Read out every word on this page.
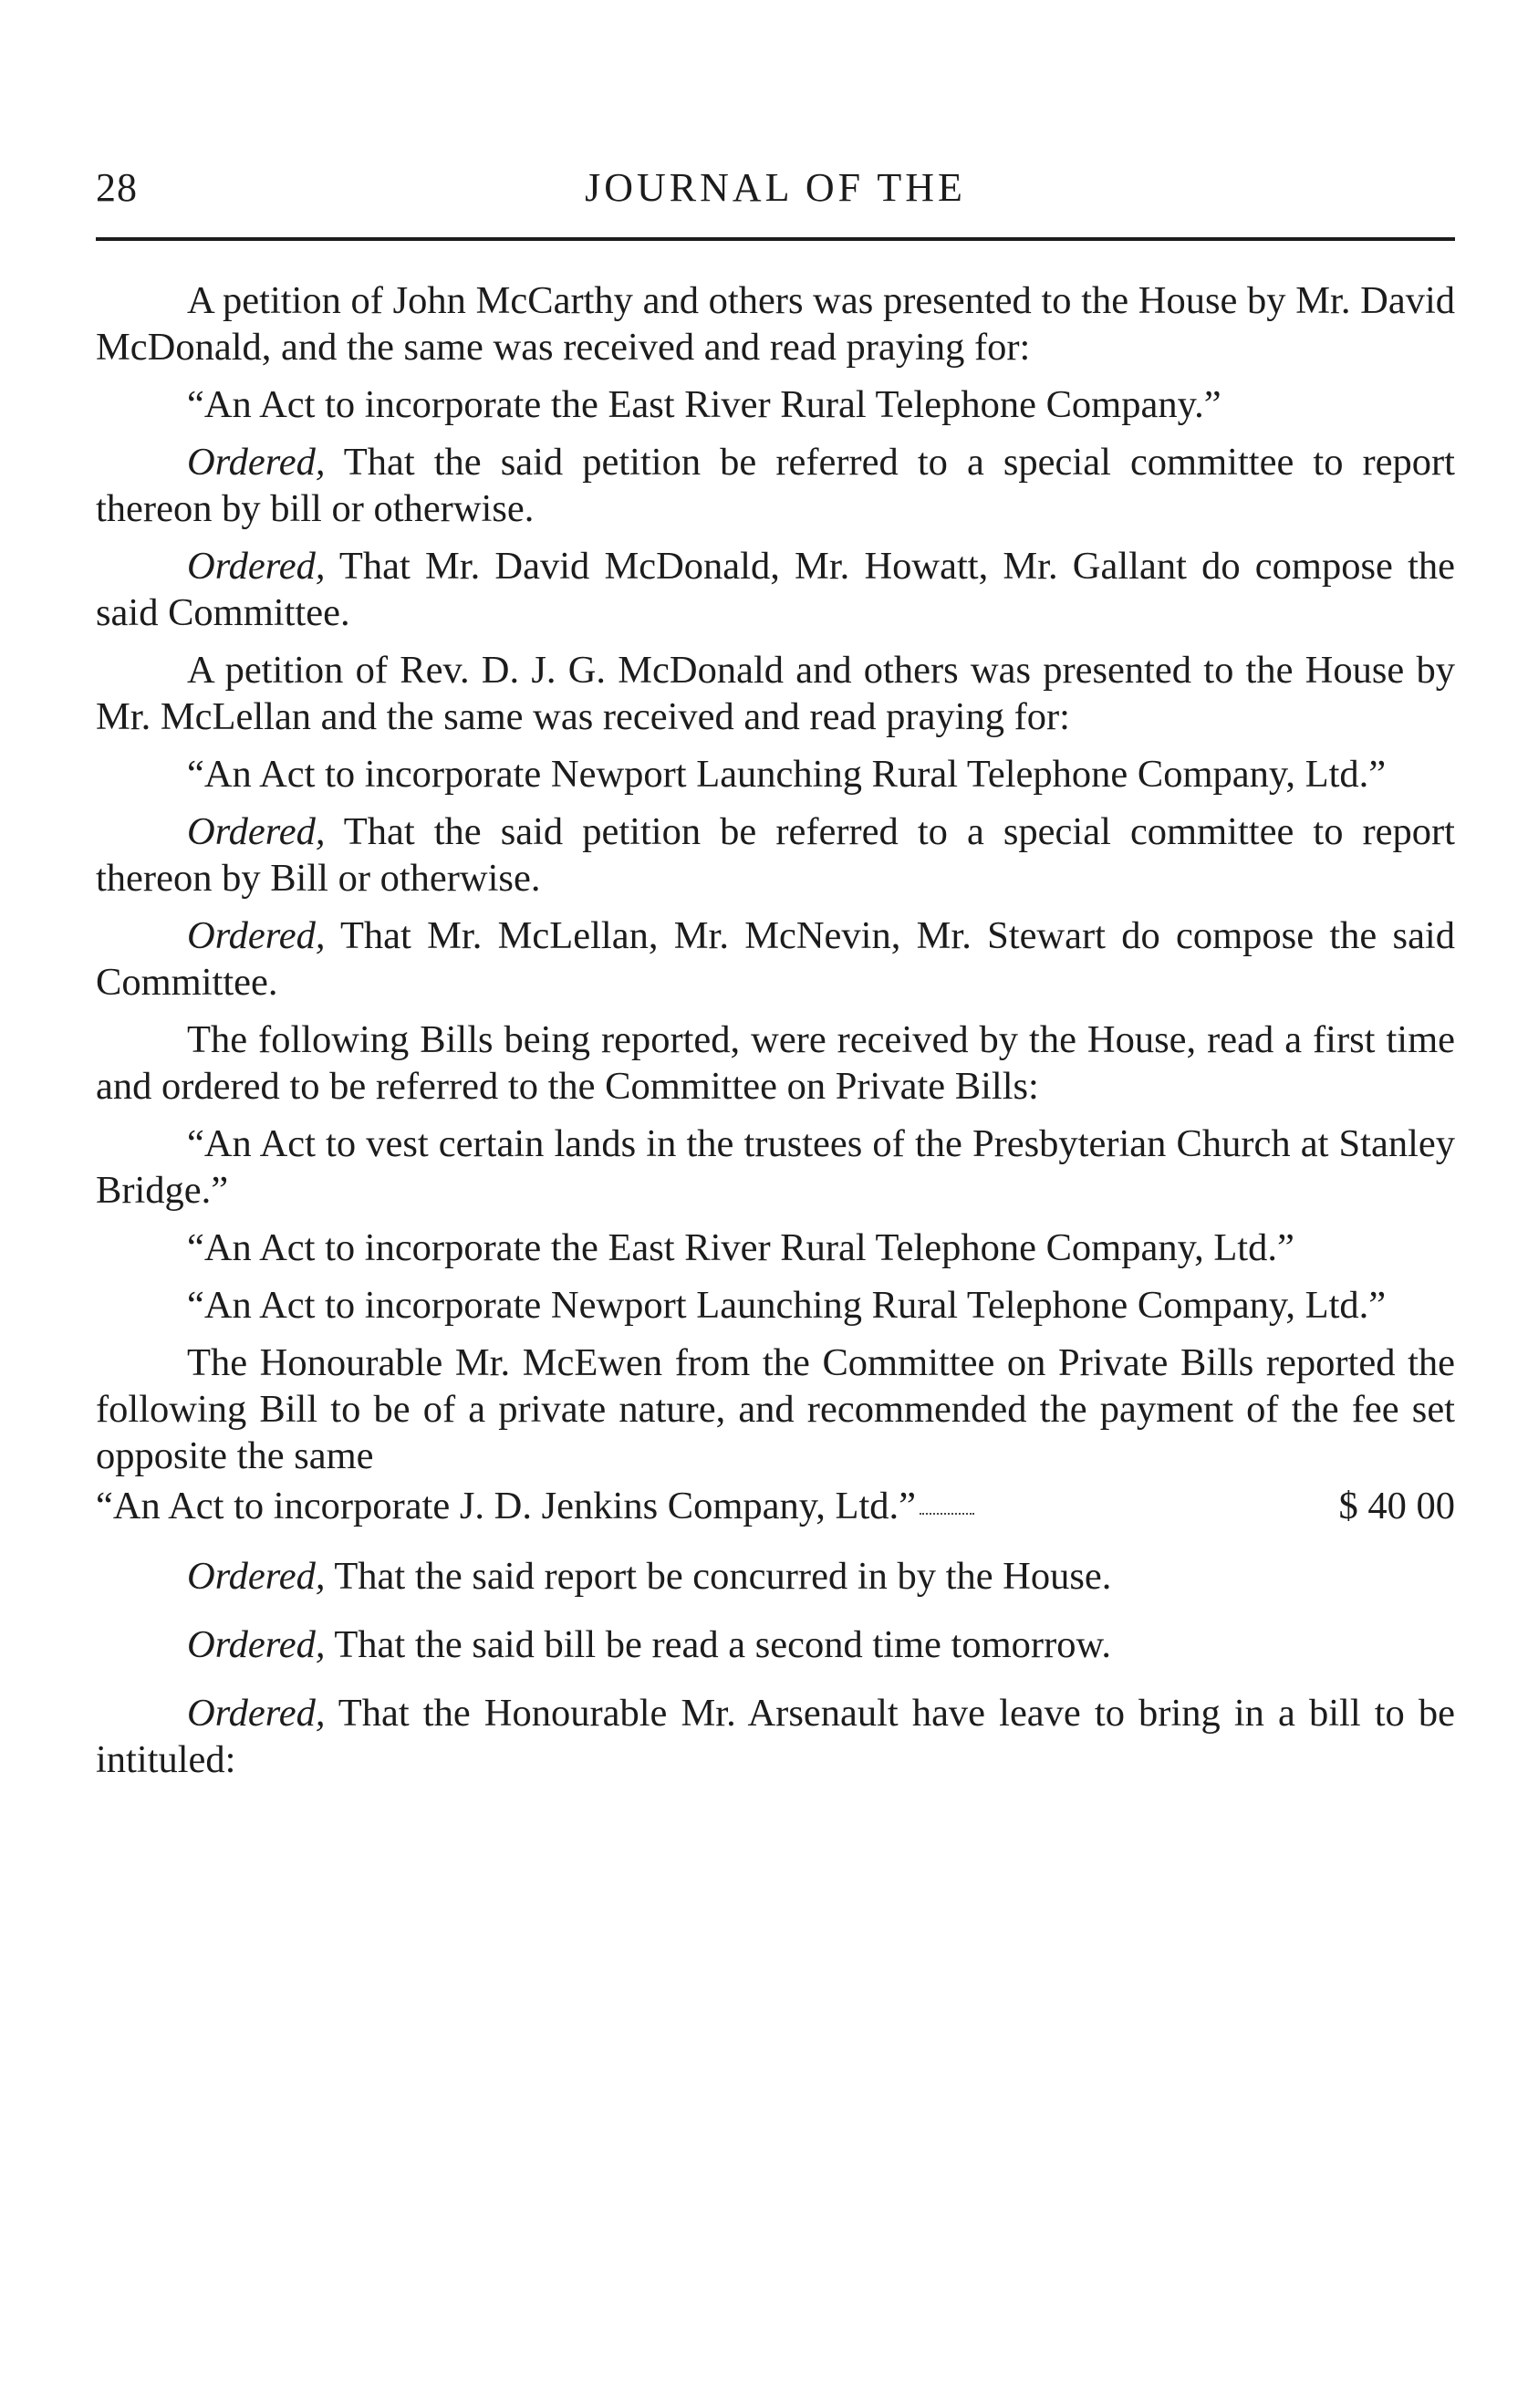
28	JOURNAL OF THE

A petition of John McCarthy and others was presented to the House by Mr. David McDonald, and the same was received and read praying for:

“An Act to incorporate the East River Rural Telephone Company.”

Ordered, That the said petition be referred to a special committee to report thereon by bill or otherwise.

Ordered, That Mr. David McDonald, Mr. Howatt, Mr. Gallant do compose the said Committee.

A petition of Rev. D. J. G. McDonald and others was presented to the House by Mr. McLellan and the same was received and read praying for:

“An Act to incorporate Newport Launching Rural Telephone Company, Ltd.”

Ordered, That the said petition be referred to a special committee to report thereon by Bill or otherwise.

Ordered, That Mr. McLellan, Mr. McNevin, Mr. Stewart do compose the said Committee.

The following Bills being reported, were received by the House, read a first time and ordered to be referred to the Committee on Private Bills:

“An Act to vest certain lands in the trustees of the Presbyterian Church at Stanley Bridge.”

“An Act to incorporate the East River Rural Telephone Company, Ltd.”

“An Act to incorporate Newport Launching Rural Telephone Company, Ltd.”

The Honourable Mr. McEwen from the Committee on Private Bills reported the following Bill to be of a private nature, and recommended the payment of the fee set opposite the same

“An Act to incorporate J. D. Jenkins Company, Ltd.”	$ 40 00

Ordered, That the said report be concurred in by the House.

Ordered, That the said bill be read a second time tomorrow.

Ordered, That the Honourable Mr. Arsenault have leave to bring in a bill to be intituled:
